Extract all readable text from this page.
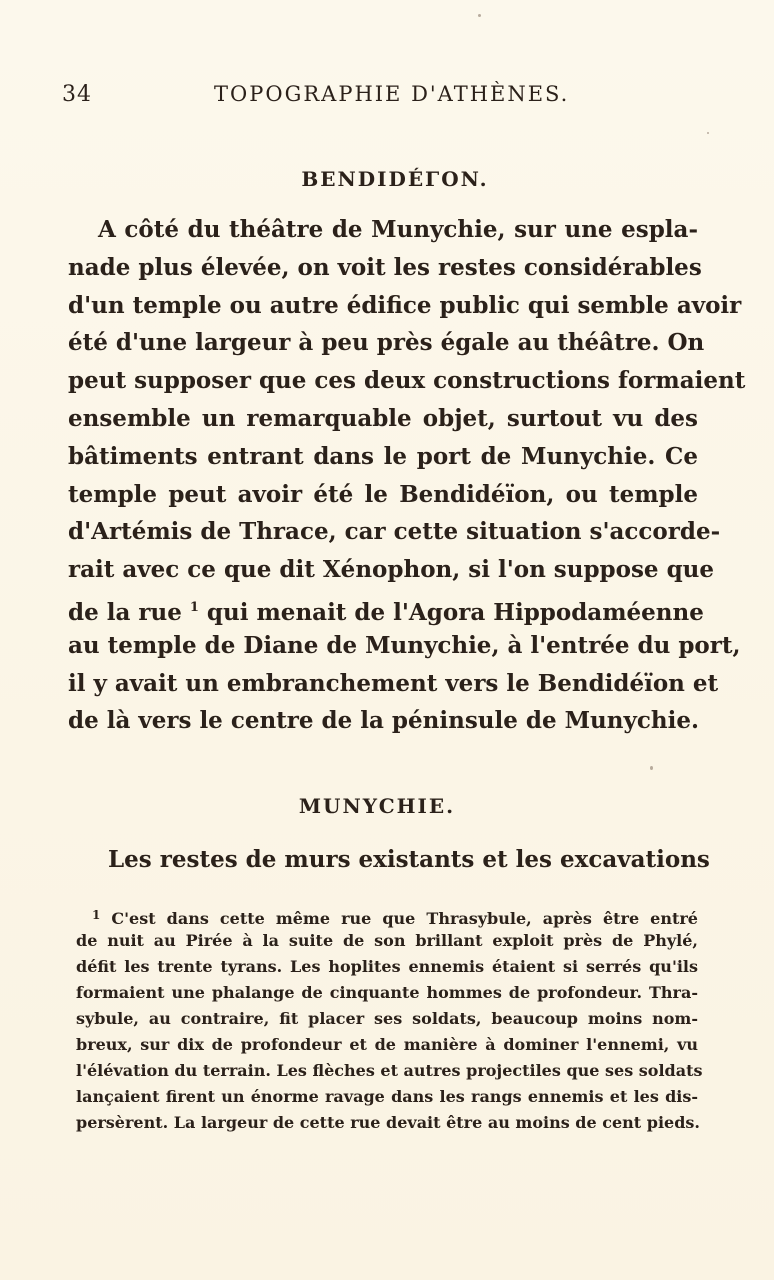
34	TOPOGRAPHIE D'ATHÈNES.
BENDIDÉΓON.
A côté du théâtre de Munychie, sur une espla-
nade plus élevée, on voit les restes considérables
d'un temple ou autre édifice public qui semble avoir
été d'une largeur à peu près égale au théâtre. On
peut supposer que ces deux constructions formaient
ensemble un remarquable objet, surtout vu des
bâtiments entrant dans le port de Munychie. Ce
temple peut avoir été le Bendidéïon, ou temple
d'Artémis de Thrace, car cette situation s'accorde-
rait avec ce que dit Xénophon, si l'on suppose que
de la rue $^1$ qui menait de l'Agora Hippodaméenne
au temple de Diane de Munychie, à l'entrée du port,
il y avait un embranchement vers le Bendidéïon et
de là vers le centre de la péninsule de Munychie.
MUNYCHIE.
Les restes de murs existants et les excavations
$^1$ C'est dans cette même rue que Thrasybule, après être entré
de nuit au Pirée à la suite de son brillant exploit près de Phylé,
défit les trente tyrans. Les hoplites ennemis étaient si serrés qu'ils
formaient une phalange de cinquante hommes de profondeur. Thra-
sybule, au contraire, fit placer ses soldats, beaucoup moins nom-
breux, sur dix de profondeur et de manière à dominer l'ennemi, vu
l'élévation du terrain. Les flèches et autres projectiles que ses soldats
lançaient firent un énorme ravage dans les rangs ennemis et les dis-
persèrent. La largeur de cette rue devait être au moins de cent pieds.
